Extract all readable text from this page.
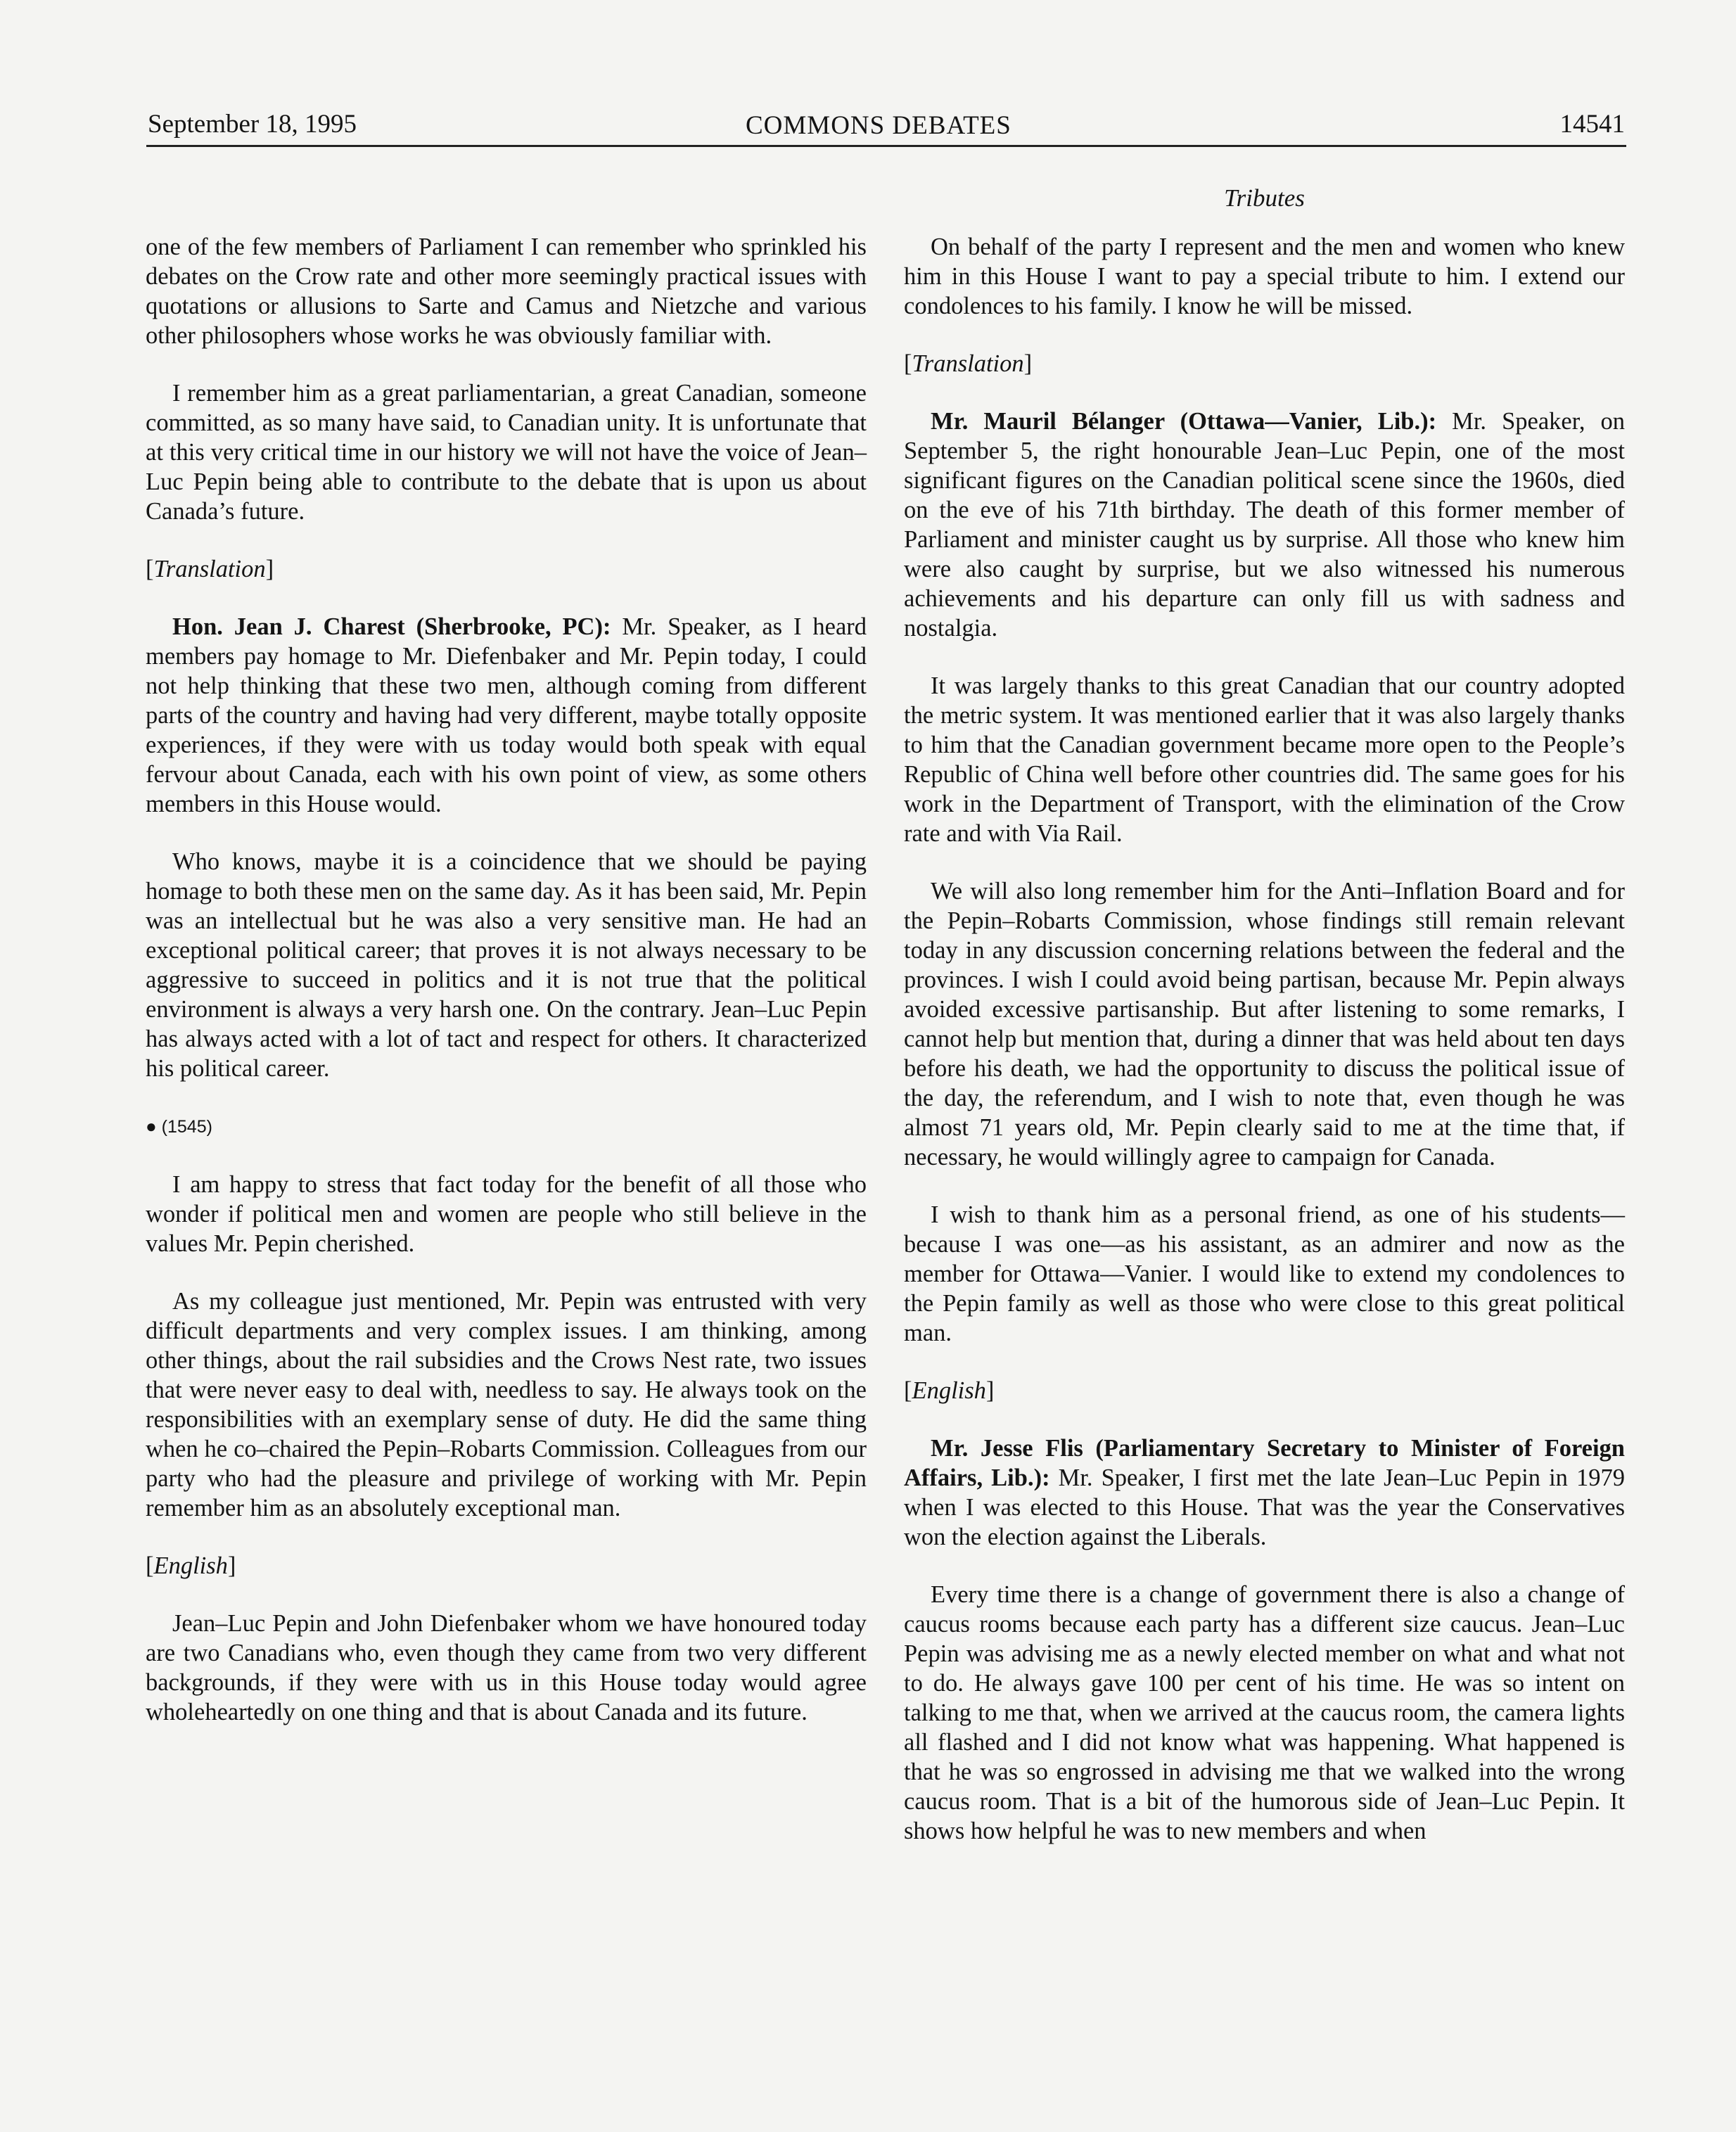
September 18, 1995	COMMONS DEBATES	14541
Tributes

one of the few members of Parliament I can remember who sprinkled his debates on the Crow rate and other more seemingly practical issues with quotations or allusions to Sarte and Camus and Nietzche and various other philosophers whose works he was obviously familiar with.

I remember him as a great parliamentarian, a great Canadian, someone committed, as so many have said, to Canadian unity. It is unfortunate that at this very critical time in our history we will not have the voice of Jean–Luc Pepin being able to contribute to the debate that is upon us about Canada’s future.

[Translation]

Hon. Jean J. Charest (Sherbrooke, PC): Mr. Speaker, as I heard members pay homage to Mr. Diefenbaker and Mr. Pepin today, I could not help thinking that these two men, although coming from different parts of the country and having had very different, maybe totally opposite experiences, if they were with us today would both speak with equal fervour about Canada, each with his own point of view, as some others members in this House would.

Who knows, maybe it is a coincidence that we should be paying homage to both these men on the same day. As it has been said, Mr. Pepin was an intellectual but he was also a very sensitive man. He had an exceptional political career; that proves it is not always necessary to be aggressive to succeed in politics and it is not true that the political environment is always a very harsh one. On the contrary. Jean–Luc Pepin has always acted with a lot of tact and respect for others. It characterized his political career.

● (1545)

I am happy to stress that fact today for the benefit of all those who wonder if political men and women are people who still believe in the values Mr. Pepin cherished.

As my colleague just mentioned, Mr. Pepin was entrusted with very difficult departments and very complex issues. I am thinking, among other things, about the rail subsidies and the Crows Nest rate, two issues that were never easy to deal with, needless to say. He always took on the responsibilities with an exemplary sense of duty. He did the same thing when he co–chaired the Pepin–Robarts Commission. Colleagues from our party who had the pleasure and privilege of working with Mr. Pepin remember him as an absolutely exceptional man.

[English]

Jean–Luc Pepin and John Diefenbaker whom we have honoured today are two Canadians who, even though they came from two very different backgrounds, if they were with us in this House today would agree wholeheartedly on one thing and that is about Canada and its future.

On behalf of the party I represent and the men and women who knew him in this House I want to pay a special tribute to him. I extend our condolences to his family. I know he will be missed.

[Translation]

Mr. Mauril Bélanger (Ottawa—Vanier, Lib.): Mr. Speaker, on September 5, the right honourable Jean–Luc Pepin, one of the most significant figures on the Canadian political scene since the 1960s, died on the eve of his 71th birthday. The death of this former member of Parliament and minister caught us by surprise. All those who knew him were also caught by surprise, but we also witnessed his numerous achievements and his departure can only fill us with sadness and nostalgia.

It was largely thanks to this great Canadian that our country adopted the metric system. It was mentioned earlier that it was also largely thanks to him that the Canadian government became more open to the People’s Republic of China well before other countries did. The same goes for his work in the Department of Transport, with the elimination of the Crow rate and with Via Rail.

We will also long remember him for the Anti–Inflation Board and for the Pepin–Robarts Commission, whose findings still remain relevant today in any discussion concerning relations between the federal and the provinces. I wish I could avoid being partisan, because Mr. Pepin always avoided excessive partisanship. But after listening to some remarks, I cannot help but mention that, during a dinner that was held about ten days before his death, we had the opportunity to discuss the political issue of the day, the referendum, and I wish to note that, even though he was almost 71 years old, Mr. Pepin clearly said to me at the time that, if necessary, he would willingly agree to campaign for Canada.

I wish to thank him as a personal friend, as one of his students—because I was one—as his assistant, as an admirer and now as the member for Ottawa—Vanier. I would like to extend my condolences to the Pepin family as well as those who were close to this great political man.

[English]

Mr. Jesse Flis (Parliamentary Secretary to Minister of Foreign Affairs, Lib.): Mr. Speaker, I first met the late Jean–Luc Pepin in 1979 when I was elected to this House. That was the year the Conservatives won the election against the Liberals.

Every time there is a change of government there is also a change of caucus rooms because each party has a different size caucus. Jean–Luc Pepin was advising me as a newly elected member on what and what not to do. He always gave 100 per cent of his time. He was so intent on talking to me that, when we arrived at the caucus room, the camera lights all flashed and I did not know what was happening. What happened is that he was so engrossed in advising me that we walked into the wrong caucus room. That is a bit of the humorous side of Jean–Luc Pepin. It shows how helpful he was to new members and when
